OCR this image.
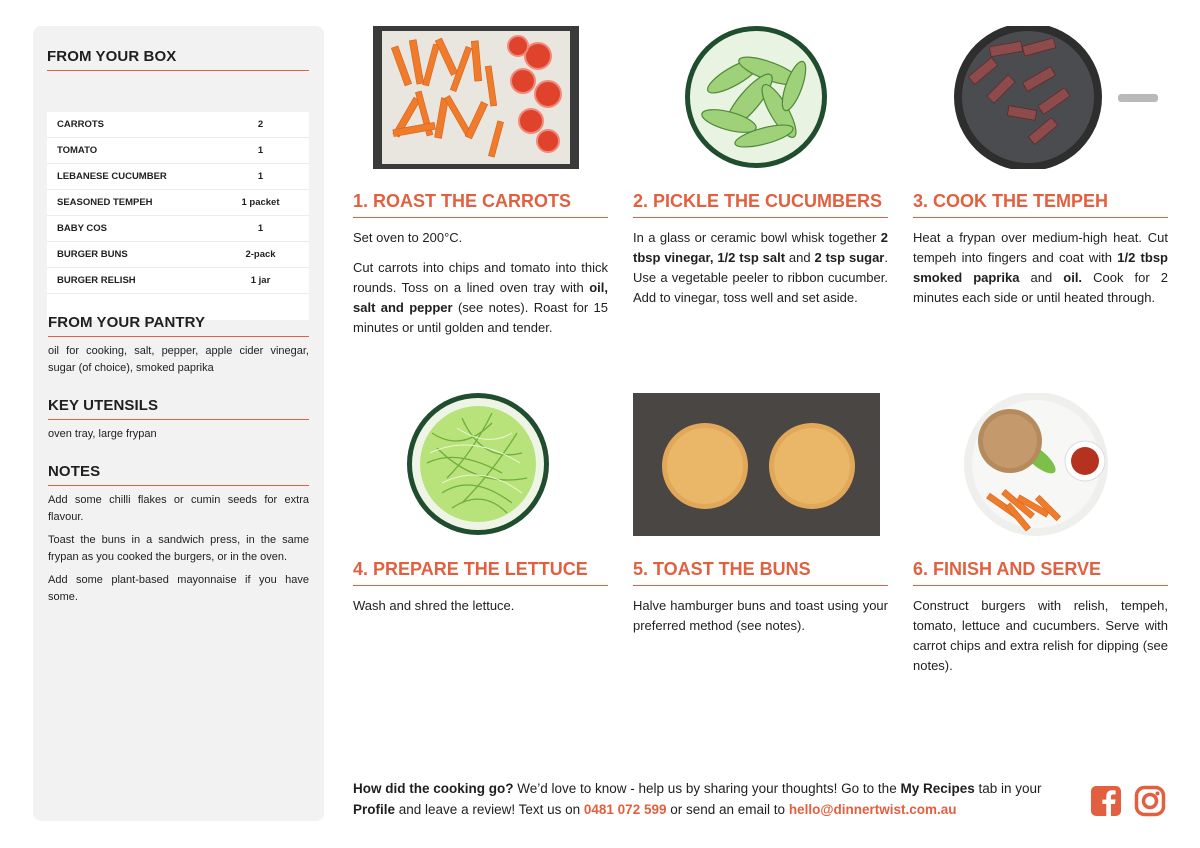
FROM YOUR BOX
CARROTS	2
TOMATO	1
LEBANESE CUCUMBER	1
SEASONED TEMPEH	1 packet
BABY COS	1
BURGER BUNS	2-pack
BURGER RELISH	1 jar
FROM YOUR PANTRY

oil for cooking, salt, pepper, apple cider vinegar, sugar (of choice), smoked paprika

KEY UTENSILS

oven tray, large frypan

NOTES

Add some chilli flakes or cumin seeds for extra flavour.

Toast the buns in a sandwich press, in the same frypan as you cooked the burgers, or in the oven.

Add some plant-based mayonnaise if you have some.

1. ROAST THE CARROTS

Set oven to 200°C.

Cut carrots into chips and tomato into thick rounds. Toss on a lined oven tray with oil, salt and pepper (see notes). Roast for 15 minutes or until golden and tender.

2. PICKLE THE CUCUMBERS

In a glass or ceramic bowl whisk together 2 tbsp vinegar, 1/2 tsp salt and 2 tsp sugar. Use a vegetable peeler to ribbon cucumber. Add to vinegar, toss well and set aside.

3. COOK THE TEMPEH

Heat a frypan over medium-high heat. Cut tempeh into fingers and coat with 1/2 tbsp smoked paprika and oil. Cook for 2 minutes each side or until heated through.

4. PREPARE THE LETTUCE

Wash and shred the lettuce.

5. TOAST THE BUNS

Halve hamburger buns and toast using your preferred method (see notes).

6. FINISH AND SERVE

Construct burgers with relish, tempeh, tomato, lettuce and cucumbers. Serve with carrot chips and extra relish for dipping (see notes).

How did the cooking go? We’d love to know - help us by sharing your thoughts! Go to the My Recipes tab in your Profile and leave a review! Text us on 0481 072 599 or send an email to hello@dinnertwist.com.au
